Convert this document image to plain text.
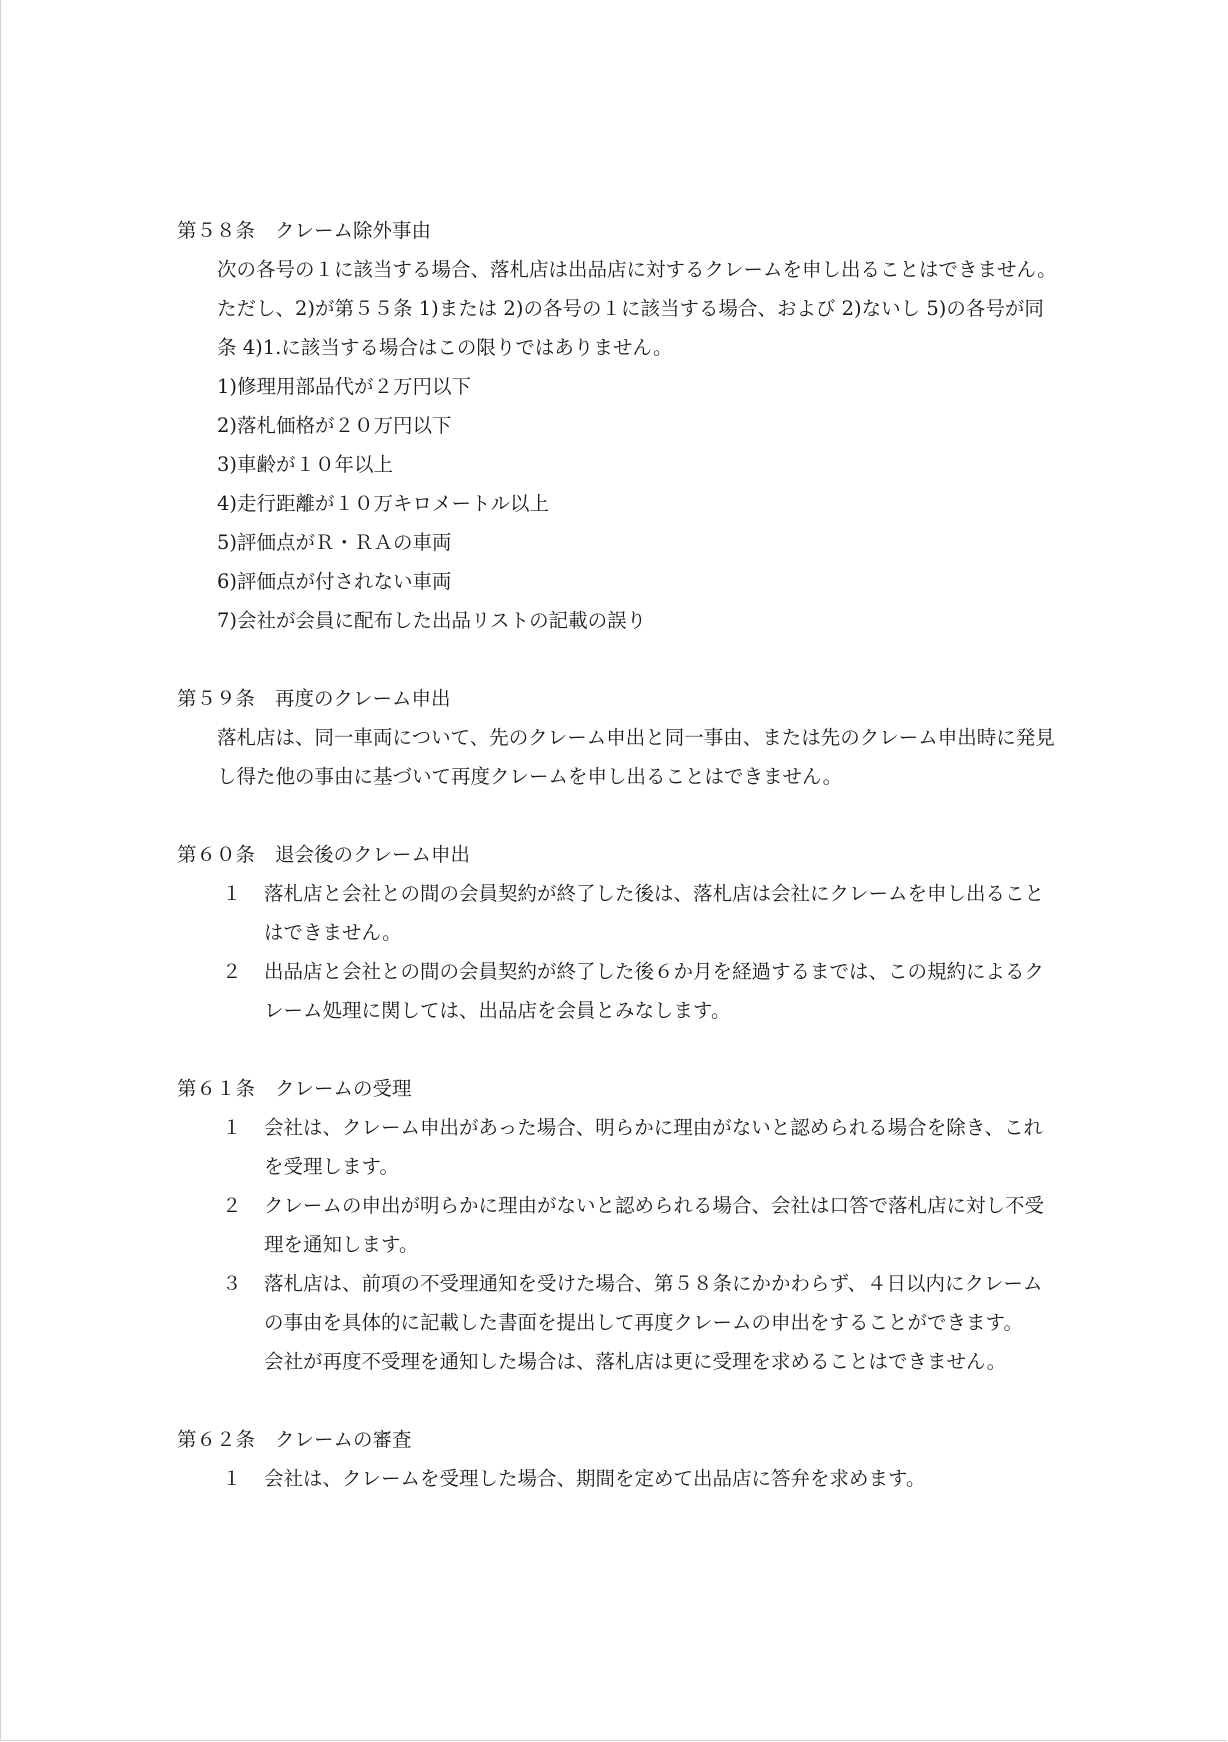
第５８条 クレーム除外事由

次の各号の１に該当する場合、落札店は出品店に対するクレームを申し出ることはできません。

ただし、2)が第５５条 1)または 2)の各号の１に該当する場合、および 2)ないし 5)の各号が同条 4)1.に該当する場合はこの限りではありません。

1)修理用部品代が２万円以下
2)落札価格が２０万円以下
3)車齢が１０年以上
4)走行距離が１０万キロメートル以上
5)評価点がＲ・ＲＡの車両
6)評価点が付されない車両
7)会社が会員に配布した出品リストの記載の誤り
第５９条 再度のクレーム申出

落札店は、同一車両について、先のクレーム申出と同一事由、または先のクレーム申出時に発見し得た他の事由に基づいて再度クレームを申し出ることはできません。

第６０条 退会後のクレーム申出
１	落札店と会社との間の会員契約が終了した後は、落札店は会社にクレームを申し出ることはできません。
２	出品店と会社との間の会員契約が終了した後６か月を経過するまでは、この規約によるクレーム処理に関しては、出品店を会員とみなします。
第６１条 クレームの受理
１	会社は、クレーム申出があった場合、明らかに理由がないと認められる場合を除き、これを受理します。
２	クレームの申出が明らかに理由がないと認められる場合、会社は口答で落札店に対し不受理を通知します。
３	落札店は、前項の不受理通知を受けた場合、第５８条にかかわらず、４日以内にクレームの事由を具体的に記載した書面を提出して再度クレームの申出をすることができます。

会社が再度不受理を通知した場合は、落札店は更に受理を求めることはできません。

第６２条 クレームの審査
１	会社は、クレームを受理した場合、期間を定めて出品店に答弁を求めます。
